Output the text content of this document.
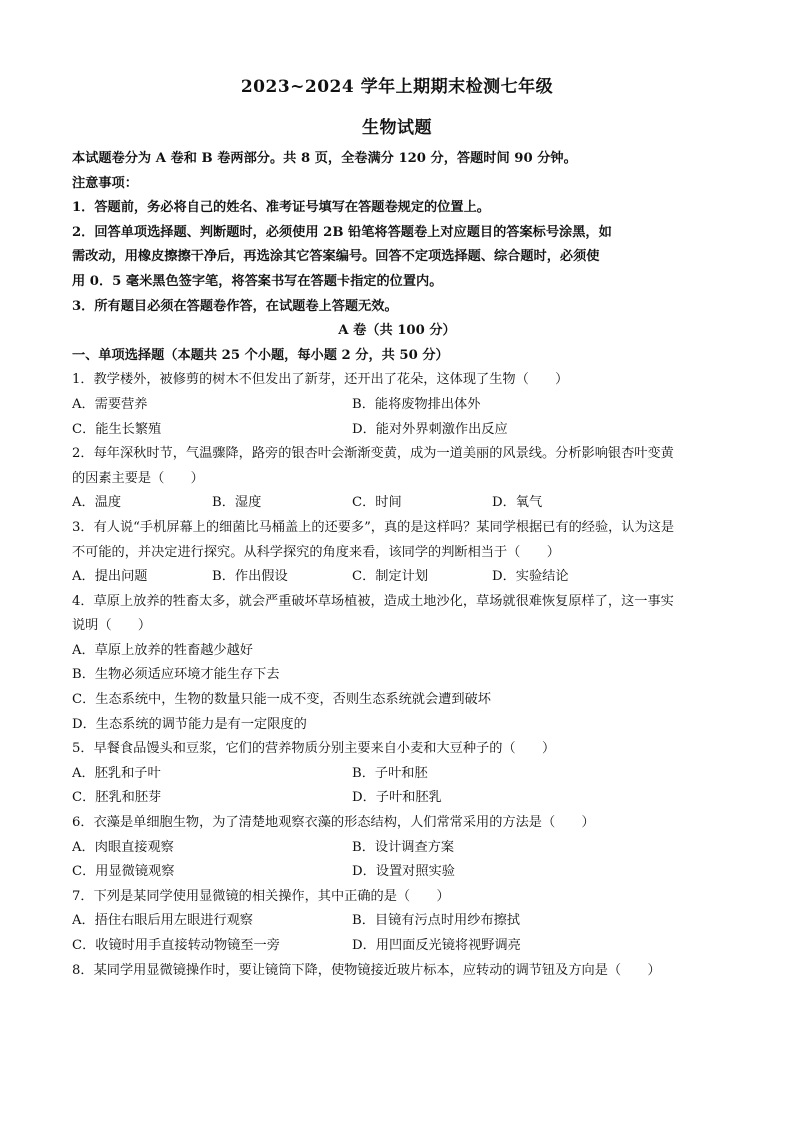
2023~2024 学年上期期末检测七年级
生物试题
本试题卷分为 A 卷和 B 卷两部分。共 8 页，全卷满分 120 分，答题时间 90 分钟。
注意事项：
1．答题前，务必将自己的姓名、准考证号填写在答题卷规定的位置上。
2．回答单项选择题、判断题时，必须使用 2B 铅笔将答题卷上对应题目的答案标号涂黑，如
需改动，用橡皮擦擦干净后，再选涂其它答案编号。回答不定项选择题、综合题时，必须使
用 0．5 毫米黑色签字笔，将答案书写在答题卡指定的位置内。
3．所有题目必须在答题卷作答，在试题卷上答题无效。
A 卷（共 100 分）
一、单项选择题（本题共 25 个小题，每小题 2 分，共 50 分）
1．教学楼外，被修剪的树木不但发出了新芽，还开出了花朵，这体现了生物（　　）
A．需要营养	B．能将废物排出体外
C．能生长繁殖	D．能对外界刺激作出反应
2．每年深秋时节，气温骤降，路旁的银杏叶会渐渐变黄，成为一道美丽的风景线。分析影响银杏叶变黄
的因素主要是（　　）
A．温度	B．湿度	C．时间	D．氧气
3．有人说“手机屏幕上的细菌比马桶盖上的还要多”，真的是这样吗？某同学根据已有的经验，认为这是
不可能的，并决定进行探究。从科学探究的角度来看，该同学的判断相当于（　　）
A．提出问题	B．作出假设	C．制定计划	D．实验结论
4．草原上放养的牲畜太多，就会严重破坏草场植被，造成土地沙化，草场就很难恢复原样了，这一事实
说明（　　）
A．草原上放养的牲畜越少越好
B．生物必须适应环境才能生存下去
C．生态系统中，生物的数量只能一成不变，否则生态系统就会遭到破坏
D．生态系统的调节能力是有一定限度的
5．早餐食品馒头和豆浆，它们的营养物质分别主要来自小麦和大豆种子的（　　）
A．胚乳和子叶	B．子叶和胚
C．胚乳和胚芽	D．子叶和胚乳
6．衣藻是单细胞生物，为了清楚地观察衣藻的形态结构，人们常常采用的方法是（　　）
A．肉眼直接观察	B．设计调查方案
C．用显微镜观察	D．设置对照实验
7．下列是某同学使用显微镜的相关操作，其中正确的是（　　）
A．捂住右眼后用左眼进行观察	B．目镜有污点时用纱布擦拭
C．收镜时用手直接转动物镜至一旁	D．用凹面反光镜将视野调亮
8．某同学用显微镜操作时，要让镜筒下降，使物镜接近玻片标本，应转动的调节钮及方向是（　　）
